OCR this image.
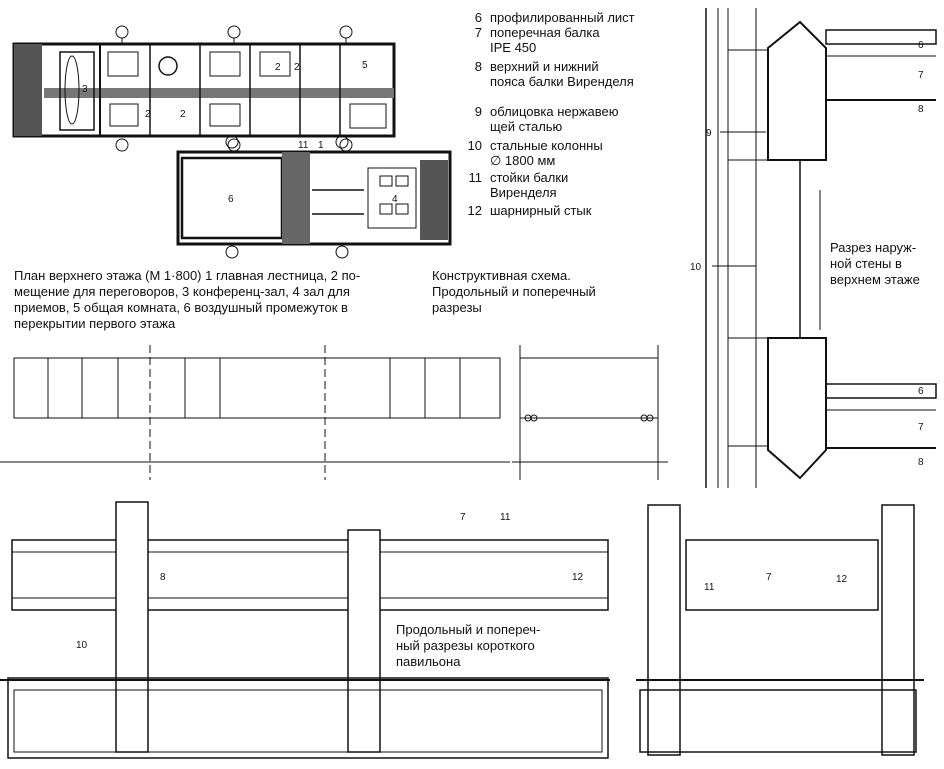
3
2	2
2 2	5
1
11
6	4
6
7
8
9
10
6
7
8
7	11
8	12
10
7
11
12
6 профилированный лист
7 поперечная балка
IPE 450
8 верхний и нижний
пояса балки Виренделя
9 облицовка нержавею
щей сталью
10 стальные колонны
∅ 1800 мм
11 стойки балки
Виренделя
12 шарнирный стык
План верхнего этажа (М 1·800) 1 главная лестница, 2 по-
мещение для переговоров, 3 конференц-зал, 4 зал для
приемов, 5 общая комната, 6 воздушный промежуток в
перекрытии первого этажа
Конструктивная схема.
Продольный и поперечный
разрезы
Разрез наруж-
ной стены в
верхнем этаже
Продольный и попереч-
ный разрезы короткого
павильона
